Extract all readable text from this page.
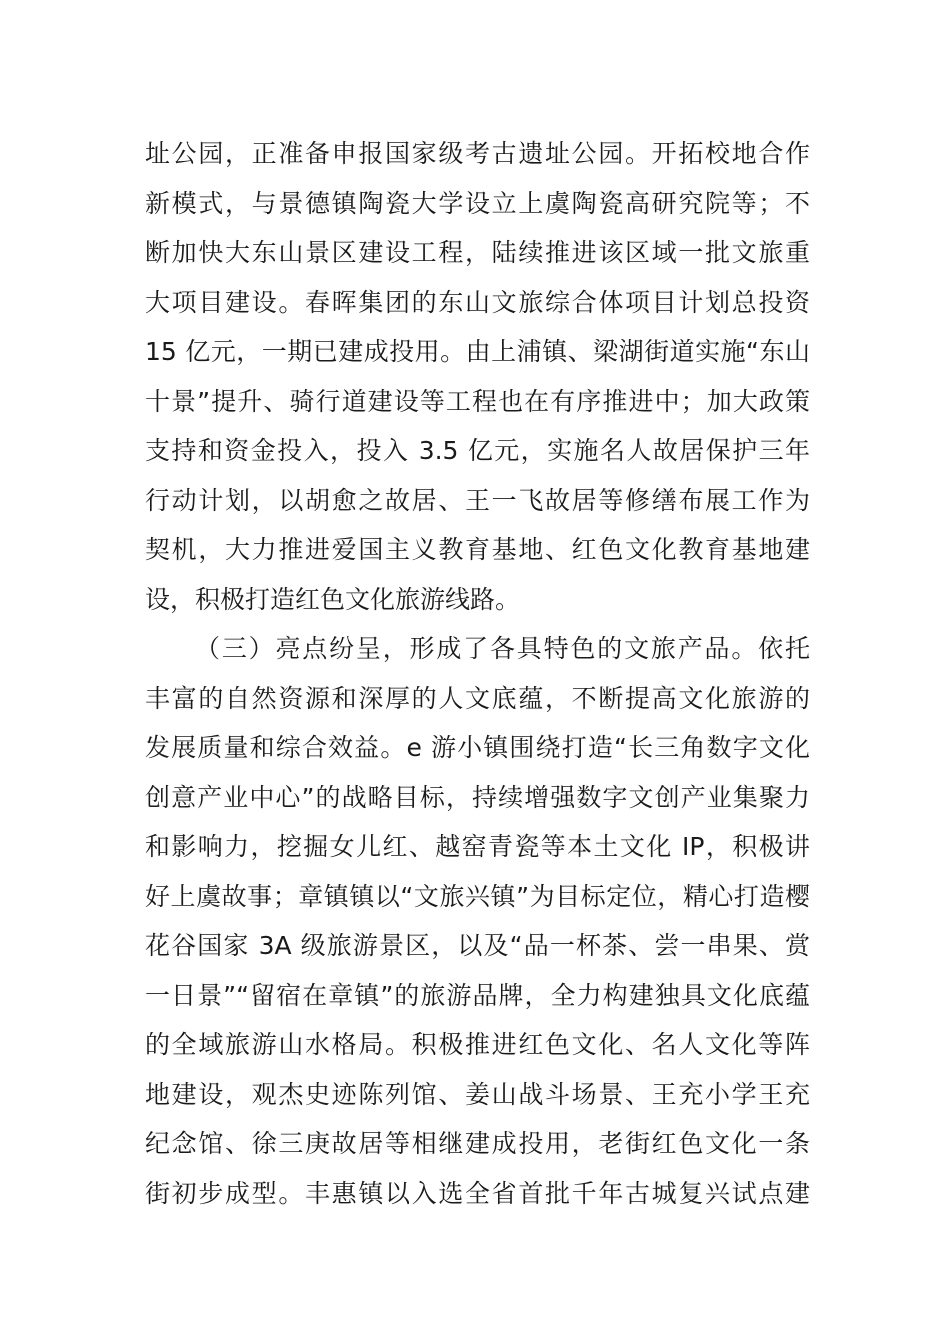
址公园，正准备申报国家级考古遗址公园。开拓校地合作
新模式，与景德镇陶瓷大学设立上虞陶瓷高研究院等；不
断加快大东山景区建设工程，陆续推进该区域一批文旅重
大项目建设。春晖集团的东山文旅综合体项目计划总投资
15 亿元，一期已建成投用。由上浦镇、梁湖街道实施“东山
十景”提升、骑行道建设等工程也在有序推进中；加大政策
支持和资金投入，投入 3.5 亿元，实施名人故居保护三年
行动计划，以胡愈之故居、王一飞故居等修缮布展工作为
契机，大力推进爱国主义教育基地、红色文化教育基地建
设，积极打造红色文化旅游线路。
（三）亮点纷呈，形成了各具特色的文旅产品。依托
丰富的自然资源和深厚的人文底蕴，不断提高文化旅游的
发展质量和综合效益。e 游小镇围绕打造“长三角数字文化
创意产业中心”的战略目标，持续增强数字文创产业集聚力
和影响力，挖掘女儿红、越窑青瓷等本土文化 IP，积极讲
好上虞故事；章镇镇以“文旅兴镇”为目标定位，精心打造樱
花谷国家 3A 级旅游景区，以及“品一杯茶、尝一串果、赏
一日景”“留宿在章镇”的旅游品牌，全力构建独具文化底蕴
的全域旅游山水格局。积极推进红色文化、名人文化等阵
地建设，观杰史迹陈列馆、姜山战斗场景、王充小学王充
纪念馆、徐三庚故居等相继建成投用，老街红色文化一条
街初步成型。丰惠镇以入选全省首批千年古城复兴试点建
